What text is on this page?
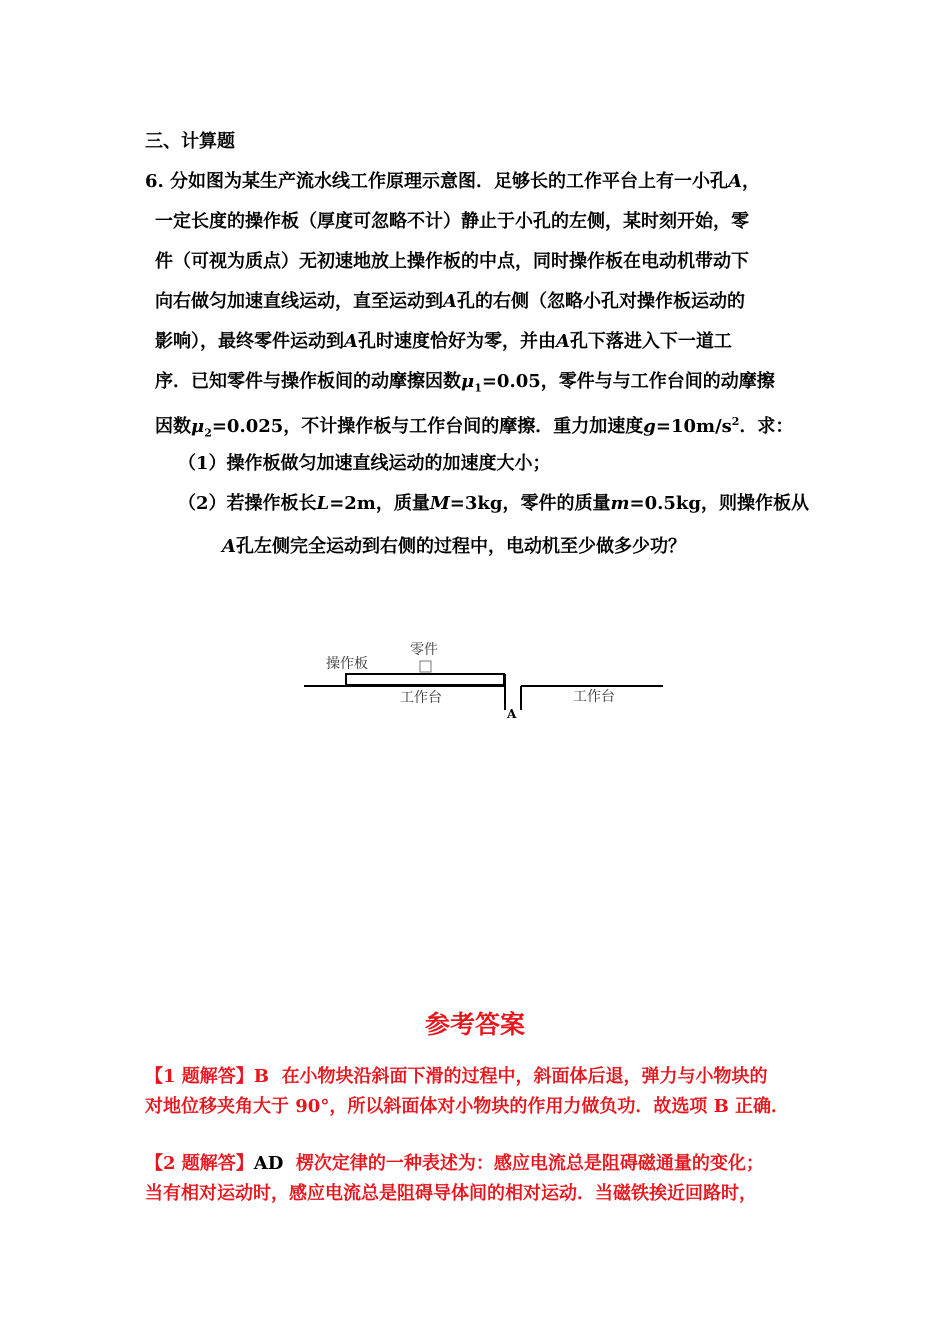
三、计算题
6. 分如图为某生产流水线工作原理示意图．足够长的工作平台上有一小孔A，
一定长度的操作板（厚度可忽略不计）静止于小孔的左侧，某时刻开始，零
件（可视为质点）无初速地放上操作板的中点，同时操作板在电动机带动下
向右做匀加速直线运动，直至运动到A孔的右侧（忽略小孔对操作板运动的
影响），最终零件运动到A孔时速度恰好为零，并由A孔下落进入下一道工
序．已知零件与操作板间的动摩擦因数$\mu_1=0.05$，零件与与工作台间的动摩擦
因数$\mu_2=0.025$，不计操作板与工作台间的摩擦．重力加速度$g=10m/s^2$．求：
（1）操作板做匀加速直线运动的加速度大小；
（2）若操作板长L=2m，质量M=3kg，零件的质量m=0.5kg，则操作板从
A孔左侧完全运动到右侧的过程中，电动机至少做多少功？
零件
操作板
工作台	工作台
A
参考答案
【1 题解答】B 在小物块沿斜面下滑的过程中，斜面体后退，弹力与小物块的
对地位移夹角大于 90°，所以斜面体对小物块的作用力做负功．故选项 B 正确．
【2 题解答】AD 楞次定律的一种表述为：感应电流总是阻碍磁通量的变化；
当有相对运动时，感应电流总是阻碍导体间的相对运动．当磁铁挨近回路时，
